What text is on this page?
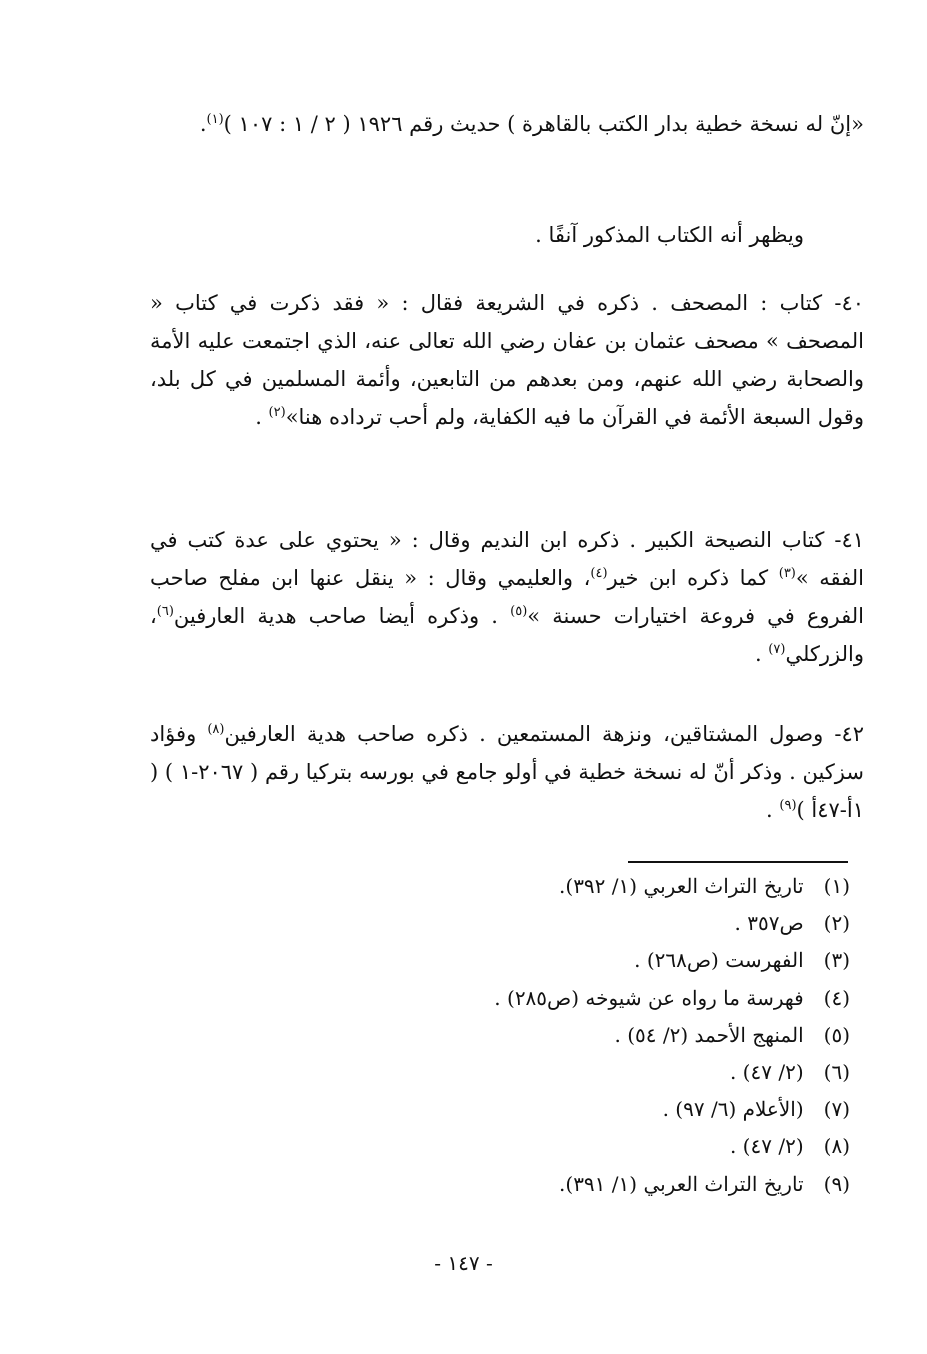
«إنّ له نسخة خطية بدار الكتب بالقاهرة ) حديث رقم ١٩٢٦ ( ٢ / ١ : ١٠٧ )$^{(١)}$.

ويظهر أنه الكتاب المذكور آنفًا .

٤٠- كتاب : المصحف . ذكره في الشريعة فقال : « فقد ذكرت في كتاب « المصحف » مصحف عثمان بن عفان رضي الله تعالى عنه، الذي اجتمعت عليه الأمة والصحابة رضي الله عنهم، ومن بعدهم من التابعين، وأئمة المسلمين في كل بلد، وقول السبعة الأئمة في القرآن ما فيه الكفاية، ولم أحب ترداده هنا»$^{(٢)}$ .

٤١- كتاب النصيحة الكبير . ذكره ابن النديم وقال : « يحتوي على عدة كتب في الفقه »$^{(٣)}$ كما ذكره ابن خير$^{(٤)}$، والعليمي وقال : « ينقل عنها ابن مفلح صاحب الفروع في فروعة اختيارات حسنة »$^{(٥)}$ . وذكره أيضا صاحب هدية العارفين$^{(٦)}$، والزركلي$^{(٧)}$ .

٤٢- وصول المشتاقين، ونزهة المستمعين . ذكره صاحب هدية العارفين$^{(٨)}$ وفؤاد سزكين . وذكر أنّ له نسخة خطية في أولو جامع في بورسه بتركيا رقم ( ٢٠٦٧-١ ) ( ١أ-٤٧أ )$^{(٩)}$ .

(١) تاريخ التراث العربي (١/ ٣٩٢).
(٢) ص٣٥٧ .
(٣) الفهرست (ص٢٦٨) .
(٤) فهرسة ما رواه عن شيوخه (ص٢٨٥) .
(٥) المنهج الأحمد (٢/ ٥٤) .
(٦) (٢/ ٤٧) .
(٧) (الأعلام (٦/ ٩٧) .
(٨) (٢/ ٤٧) .
(٩) تاريخ التراث العربي (١/ ٣٩١).
- ١٤٧ -
